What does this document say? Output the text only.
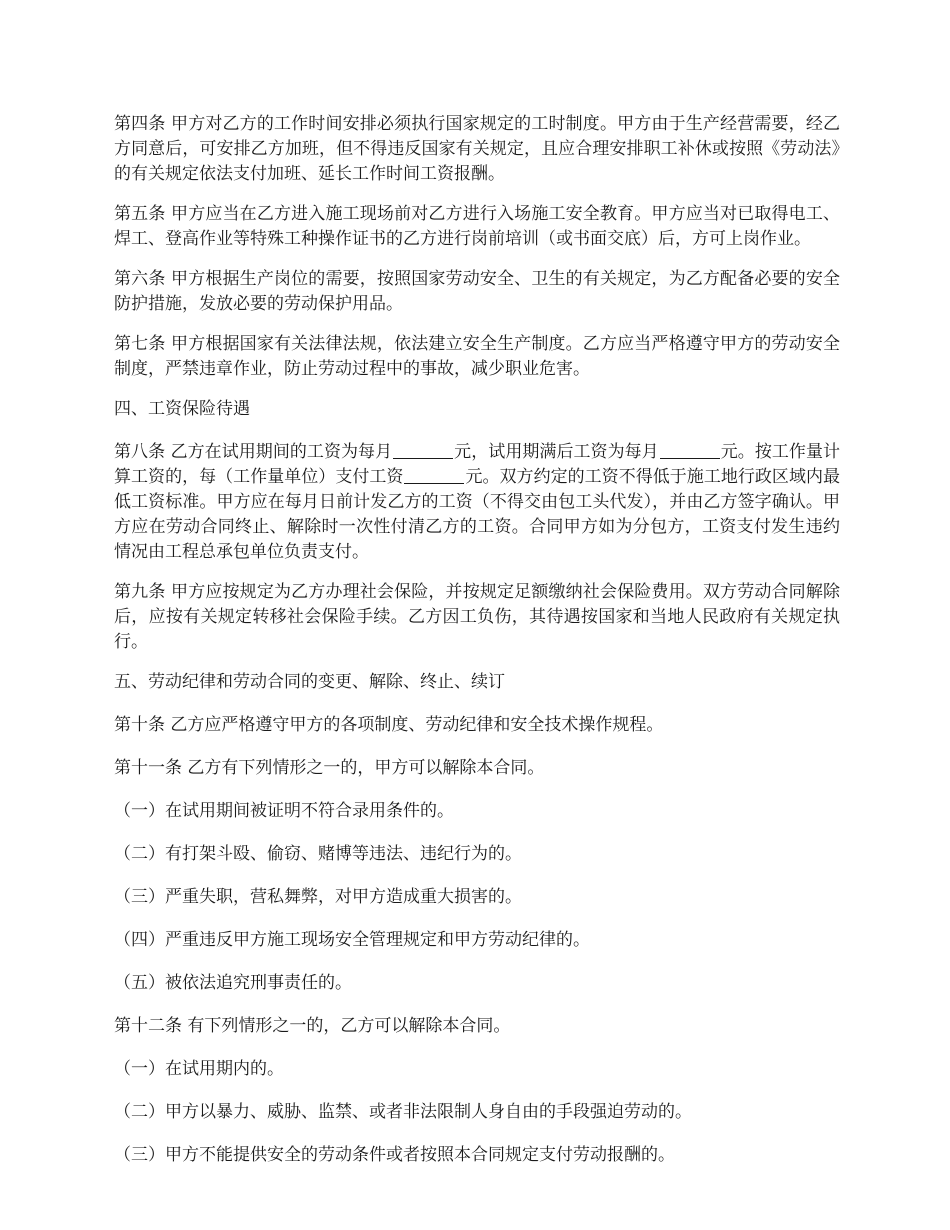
第四条 甲方对乙方的工作时间安排必须执行国家规定的工时制度。甲方由于生产经营需要，经乙方同意后，可安排乙方加班，但不得违反国家有关规定，且应合理安排职工补休或按照《劳动法》的有关规定依法支付加班、延长工作时间工资报酬。

第五条 甲方应当在乙方进入施工现场前对乙方进行入场施工安全教育。甲方应当对已取得电工、焊工、登高作业等特殊工种操作证书的乙方进行岗前培训（或书面交底）后，方可上岗作业。

第六条 甲方根据生产岗位的需要，按照国家劳动安全、卫生的有关规定，为乙方配备必要的安全防护措施，发放必要的劳动保护用品。

第七条 甲方根据国家有关法律法规，依法建立安全生产制度。乙方应当严格遵守甲方的劳动安全制度，严禁违章作业，防止劳动过程中的事故，减少职业危害。

四、工资保险待遇

第八条 乙方在试用期间的工资为每月	元，试用期满后工资为每月	元。按工作量计算工资的，每（工作量单位）支付工资	元。双方约定的工资不得低于施工地行政区域内最低工资标准。甲方应在每月日前计发乙方的工资（不得交由包工头代发），并由乙方签字确认。甲方应在劳动合同终止、解除时一次性付清乙方的工资。合同甲方如为分包方，工资支付发生违约情况由工程总承包单位负责支付。

第九条 甲方应按规定为乙方办理社会保险，并按规定足额缴纳社会保险费用。双方劳动合同解除后，应按有关规定转移社会保险手续。乙方因工负伤，其待遇按国家和当地人民政府有关规定执行。

五、劳动纪律和劳动合同的变更、解除、终止、续订

第十条 乙方应严格遵守甲方的各项制度、劳动纪律和安全技术操作规程。

第十一条 乙方有下列情形之一的，甲方可以解除本合同。

（一）在试用期间被证明不符合录用条件的。

（二）有打架斗殴、偷窃、赌博等违法、违纪行为的。

（三）严重失职，营私舞弊，对甲方造成重大损害的。

（四）严重违反甲方施工现场安全管理规定和甲方劳动纪律的。

（五）被依法追究刑事责任的。

第十二条 有下列情形之一的，乙方可以解除本合同。

（一）在试用期内的。

（二）甲方以暴力、威胁、监禁、或者非法限制人身自由的手段强迫劳动的。

（三）甲方不能提供安全的劳动条件或者按照本合同规定支付劳动报酬的。
